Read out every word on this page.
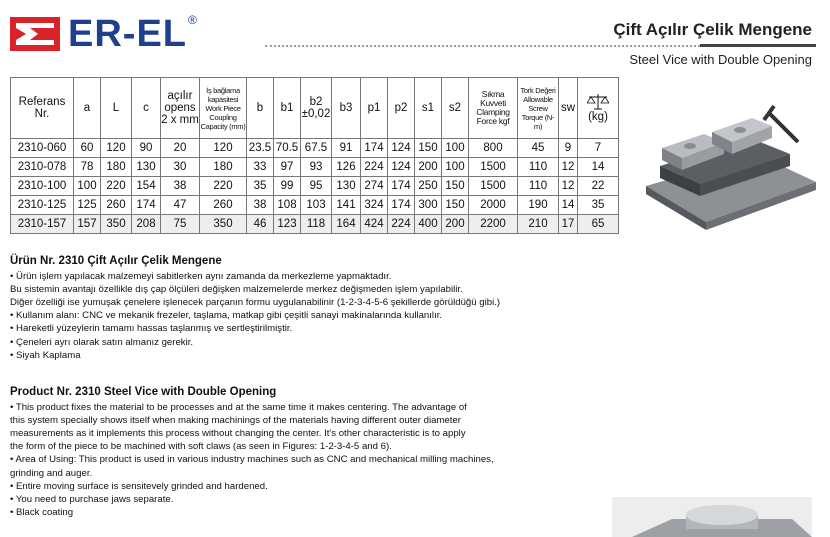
ER-EL ®	Çift Açılır Çelik Mengene
Steel Vice with Double Opening
Referans Nr.	a	L	c	açılır opens 2 x mm	İş bağlama kapasitesi Work Piece Coupling Capacity (mm)	b	b1	b2 ±0,02	b3	p1	p2	s1	s2	Sıkma Kuvveti Clamping Force kgf	Tork Değeri Allowable Screw Torque (N-m)	sw	(kg)
2310-060	60	120	90	20	120	23.5	70.5	67.5	91	174	124	150	100	800	45	9	7
2310-078	78	180	130	30	180	33	97	93	126	224	124	200	100	1500	110	12	14
2310-100	100	220	154	38	220	35	99	95	130	274	174	250	150	1500	110	12	22
2310-125	125	260	174	47	260	38	108	103	141	324	174	300	150	2000	190	14	35
2310-157	157	350	208	75	350	46	123	118	164	424	224	400	200	2200	210	17	65
Ürün Nr. 2310 Çift Açılır Çelik Mengene

• Ürün işlem yapılacak malzemeyi sabitlerken aynı zamanda da merkezleme yapmaktadır.

Bu sistemin avantajı özellikle dış çap ölçüleri değişken malzemelerde merkez değişmeden işlem yapılabilir.

Diğer özelliği ise yumuşak çenelere işlenecek parçanın formu uygulanabilinir (1-2-3-4-5-6 şekillerde görüldüğü gibi.)

• Kullanım alanı: CNC ve mekanik frezeler, taşlama, matkap gibi çeşitli sanayi makinalarında kullanılır.

• Hareketli yüzeylerin tamamı hassas taşlanmış ve sertleştirilmiştir.

• Çeneleri ayrı olarak satın almanız gerekir.

• Siyah Kaplama

Product Nr. 2310 Steel Vice with Double Opening

• This product fixes the material to be processes and at the same time it makes centering. The advantage of

this system specially shows itself when making machinings of the materials having different outer diameter

measurements as it implements this process without changing the center. It's other characteristic is to apply

the form of the piece to be machined with soft claws (as seen in Figures: 1-2-3-4-5 and 6).

• Area of Using: This product is used in various industry machines such as CNC and mechanical milling machines,

grinding and auger.

• Entire moving surface is sensitevely grinded and hardened.

• You need to purchase jaws separate.

• Black coating
